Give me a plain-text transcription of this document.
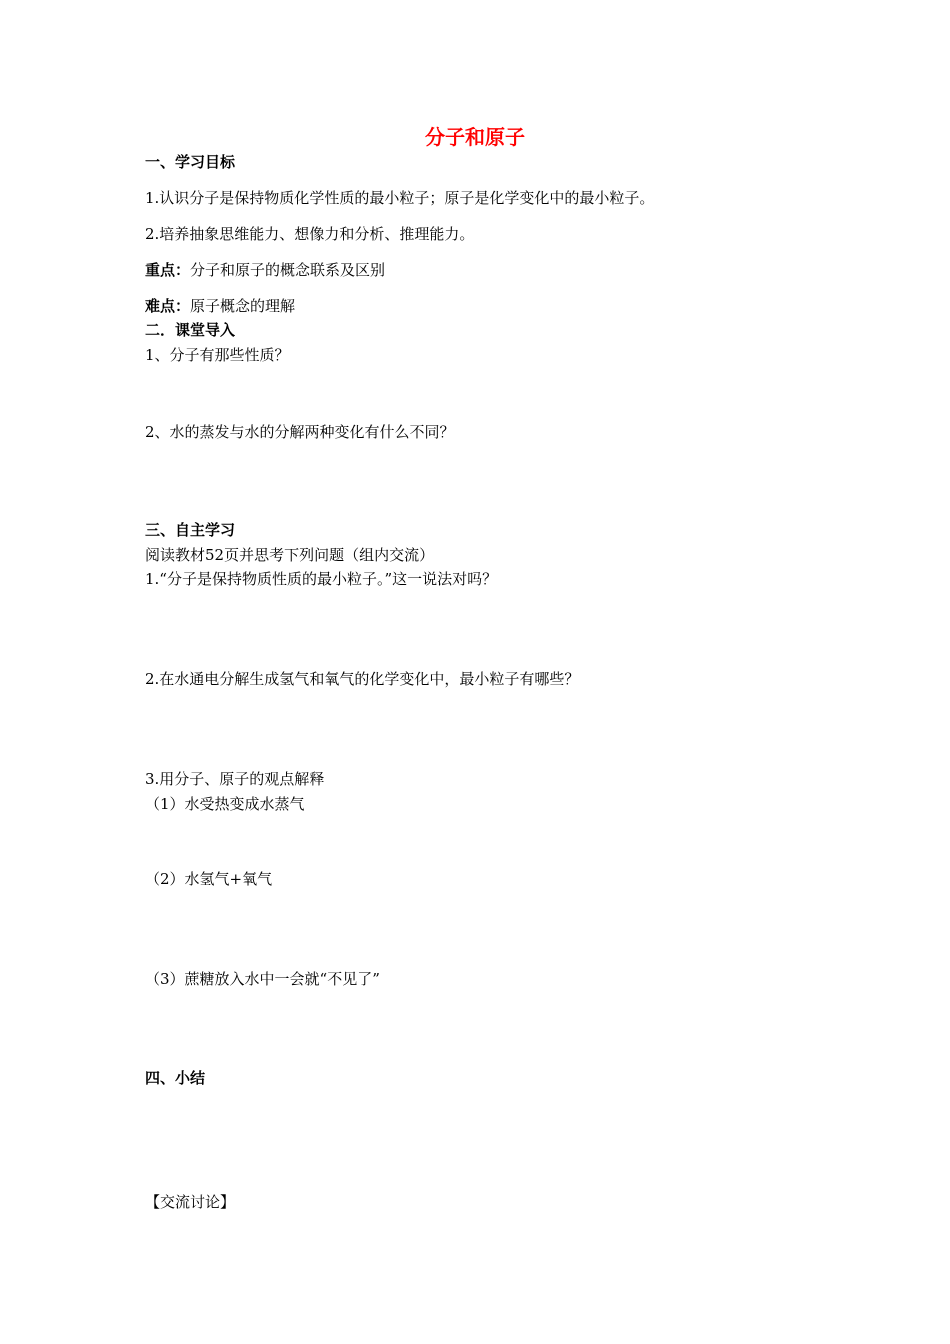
分子和原子
一、学习目标
1.认识分子是保持物质化学性质的最小粒子；原子是化学变化中的最小粒子。
2.培养抽象思维能力、想像力和分析、推理能力。
重点：分子和原子的概念联系及区别
难点：原子概念的理解
二．课堂导入
1、分子有那些性质？
2、水的蒸发与水的分解两种变化有什么不同？
三、自主学习
阅读教材52页并思考下列问题（组内交流）
1.“分子是保持物质性质的最小粒子。”这一说法对吗？
2.在水通电分解生成氢气和氧气的化学变化中，最小粒子有哪些？
3.用分子、原子的观点解释
（1）水受热变成水蒸气
（2）水氢气+氧气
（3）蔗糖放入水中一会就“不见了”
四、小结
【交流讨论】
